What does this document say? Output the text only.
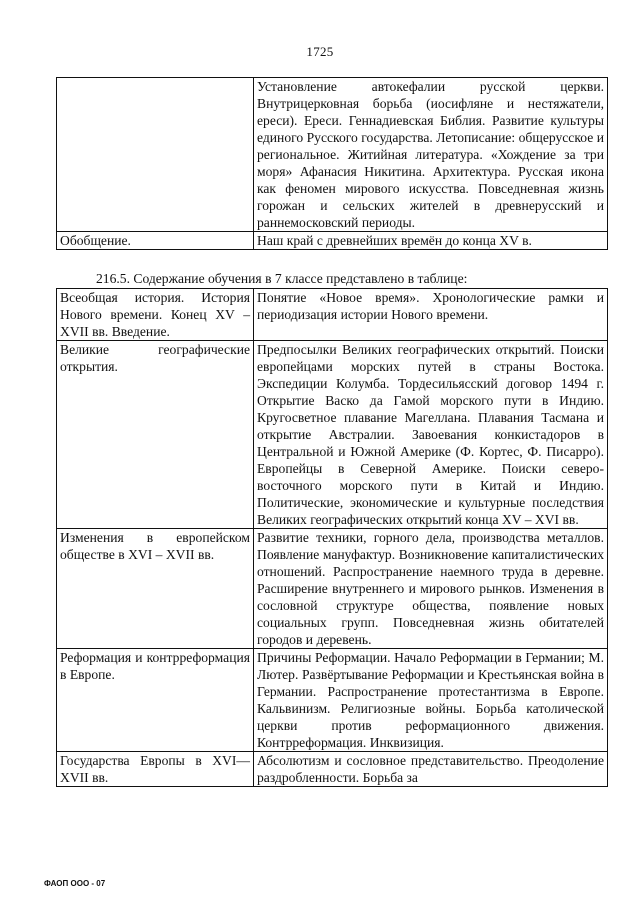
1725
	Установление автокефалии русской церкви. Внутрицерковная борьба (иосифляне и нестяжатели, ереси). Ереси. Геннадиевская Библия. Развитие культуры единого Русского государства. Летописание: общерусское и региональное. Житийная литература. «Хождение за три моря» Афанасия Никитина. Архитектура. Русская икона как феномен мирового искусства. Повседневная жизнь горожан и сельских жителей в древнерусский и раннемосковский периоды.
Обобщение.	Наш край с древнейших времён до конца XV в.
216.5. Содержание обучения в 7 классе представлено в таблице:
Всеобщая история. История Нового времени. Конец XV – XVII вв. Введение.	Понятие «Новое время». Хронологические рамки и периодизация истории Нового времени.
Великие географические открытия.	Предпосылки Великих географических открытий. Поиски европейцами морских путей в страны Востока. Экспедиции Колумба. Тордесильясский договор 1494 г. Открытие Васко да Гамой морского пути в Индию. Кругосветное плавание Магеллана. Плавания Тасмана и открытие Австралии. Завоевания конкистадоров в Центральной и Южной Америке (Ф. Кортес, Ф. Писарро). Европейцы в Северной Америке. Поиски северо-восточного морского пути в Китай и Индию. Политические, экономические и культурные последствия Великих географических открытий конца XV – XVI вв.
Изменения в европейском обществе в XVI – XVII вв.	Развитие техники, горного дела, производства металлов. Появление мануфактур. Возникновение капиталистических отношений. Распространение наемного труда в деревне. Расширение внутреннего и мирового рынков. Изменения в сословной структуре общества, появление новых социальных групп. Повседневная жизнь обитателей городов и деревень.
Реформация и контрреформация в Европе.	Причины Реформации. Начало Реформации в Германии; М. Лютер. Развёртывание Реформации и Крестьянская война в Германии. Распространение протестантизма в Европе. Кальвинизм. Религиозные войны. Борьба католической церкви против реформационного движения. Контрреформация. Инквизиция.
Государства Европы в XVI—XVII вв.	Абсолютизм и сословное представительство. Преодоление раздробленности. Борьба за
ФАОП ООО - 07
